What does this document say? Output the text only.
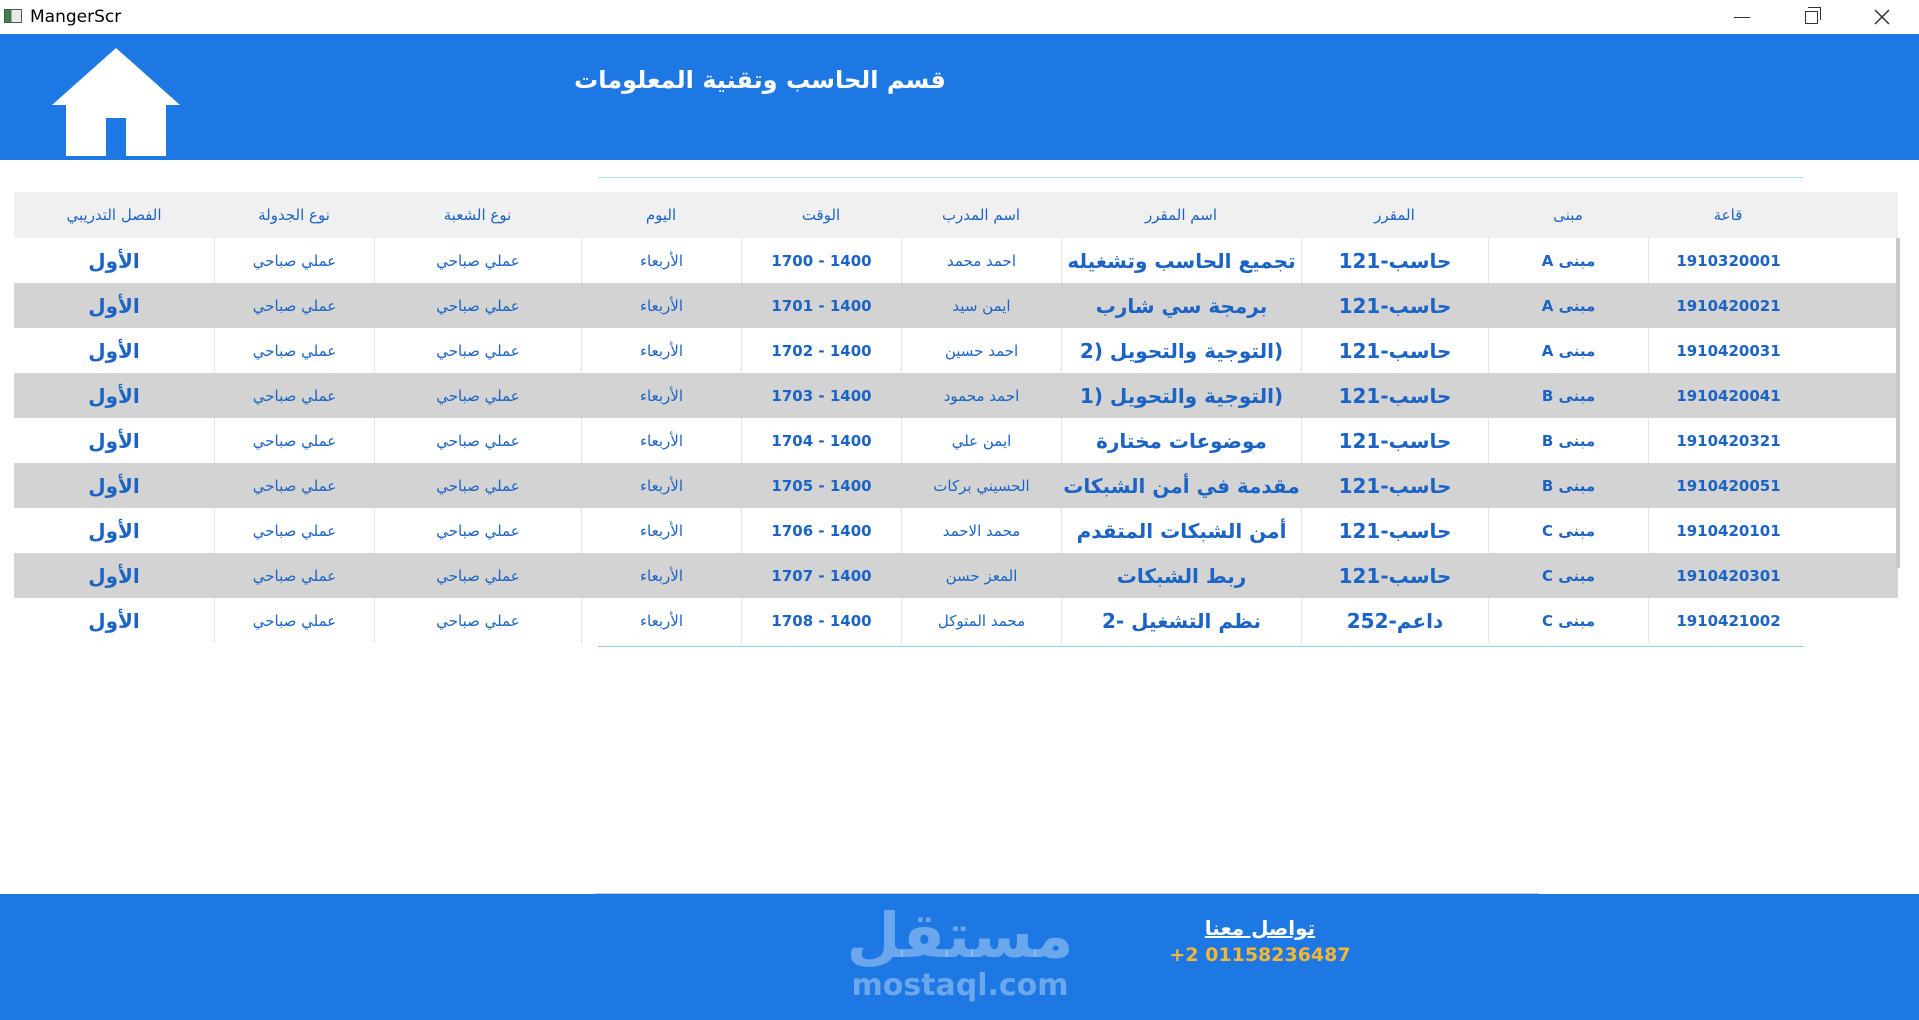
MangerScr
قسم الحاسب وتقنية المعلومات
قاعة
مبنى
المقرر
اسم المقرر
اسم المدرب
الوقت
اليوم
نوع الشعبة
نوع الجدولة
الفصل التدريبي
1910320001
مبنى A
حاسب-121
تجميع الحاسب وتشغيله
احمد محمد
1400 - 1700
الأربعاء
عملي صباحي
عملي صباحي
الأول
1910420021
مبنى A
حاسب-121
برمجة سي شارب
ايمن سيد
1400 - 1701
الأربعاء
عملي صباحي
عملي صباحي
الأول
1910420031
مبنى A
حاسب-121
(التوجية والتحويل (2
احمد حسين
1400 - 1702
الأربعاء
عملي صباحي
عملي صباحي
الأول
1910420041
مبنى B
حاسب-121
(التوجية والتحويل (1
احمد محمود
1400 - 1703
الأربعاء
عملي صباحي
عملي صباحي
الأول
1910420321
مبنى B
حاسب-121
موضوعات مختارة
ايمن علي
1400 - 1704
الأربعاء
عملي صباحي
عملي صباحي
الأول
1910420051
مبنى B
حاسب-121
مقدمة في أمن الشبكات
الحسيني بركات
1400 - 1705
الأربعاء
عملي صباحي
عملي صباحي
الأول
1910420101
مبنى C
حاسب-121
أمن الشبكات المتقدم
محمد الاحمد
1400 - 1706
الأربعاء
عملي صباحي
عملي صباحي
الأول
1910420301
مبنى C
حاسب-121
ربط الشبكات
المعز حسن
1400 - 1707
الأربعاء
عملي صباحي
عملي صباحي
الأول
1910421002
مبنى C
داعم-252
نظم التشغيل -2
محمد المتوكل
1400 - 1708
الأربعاء
عملي صباحي
عملي صباحي
الأول
مستقل
mostaql.com
تواصل معنا
+2 01158236487
